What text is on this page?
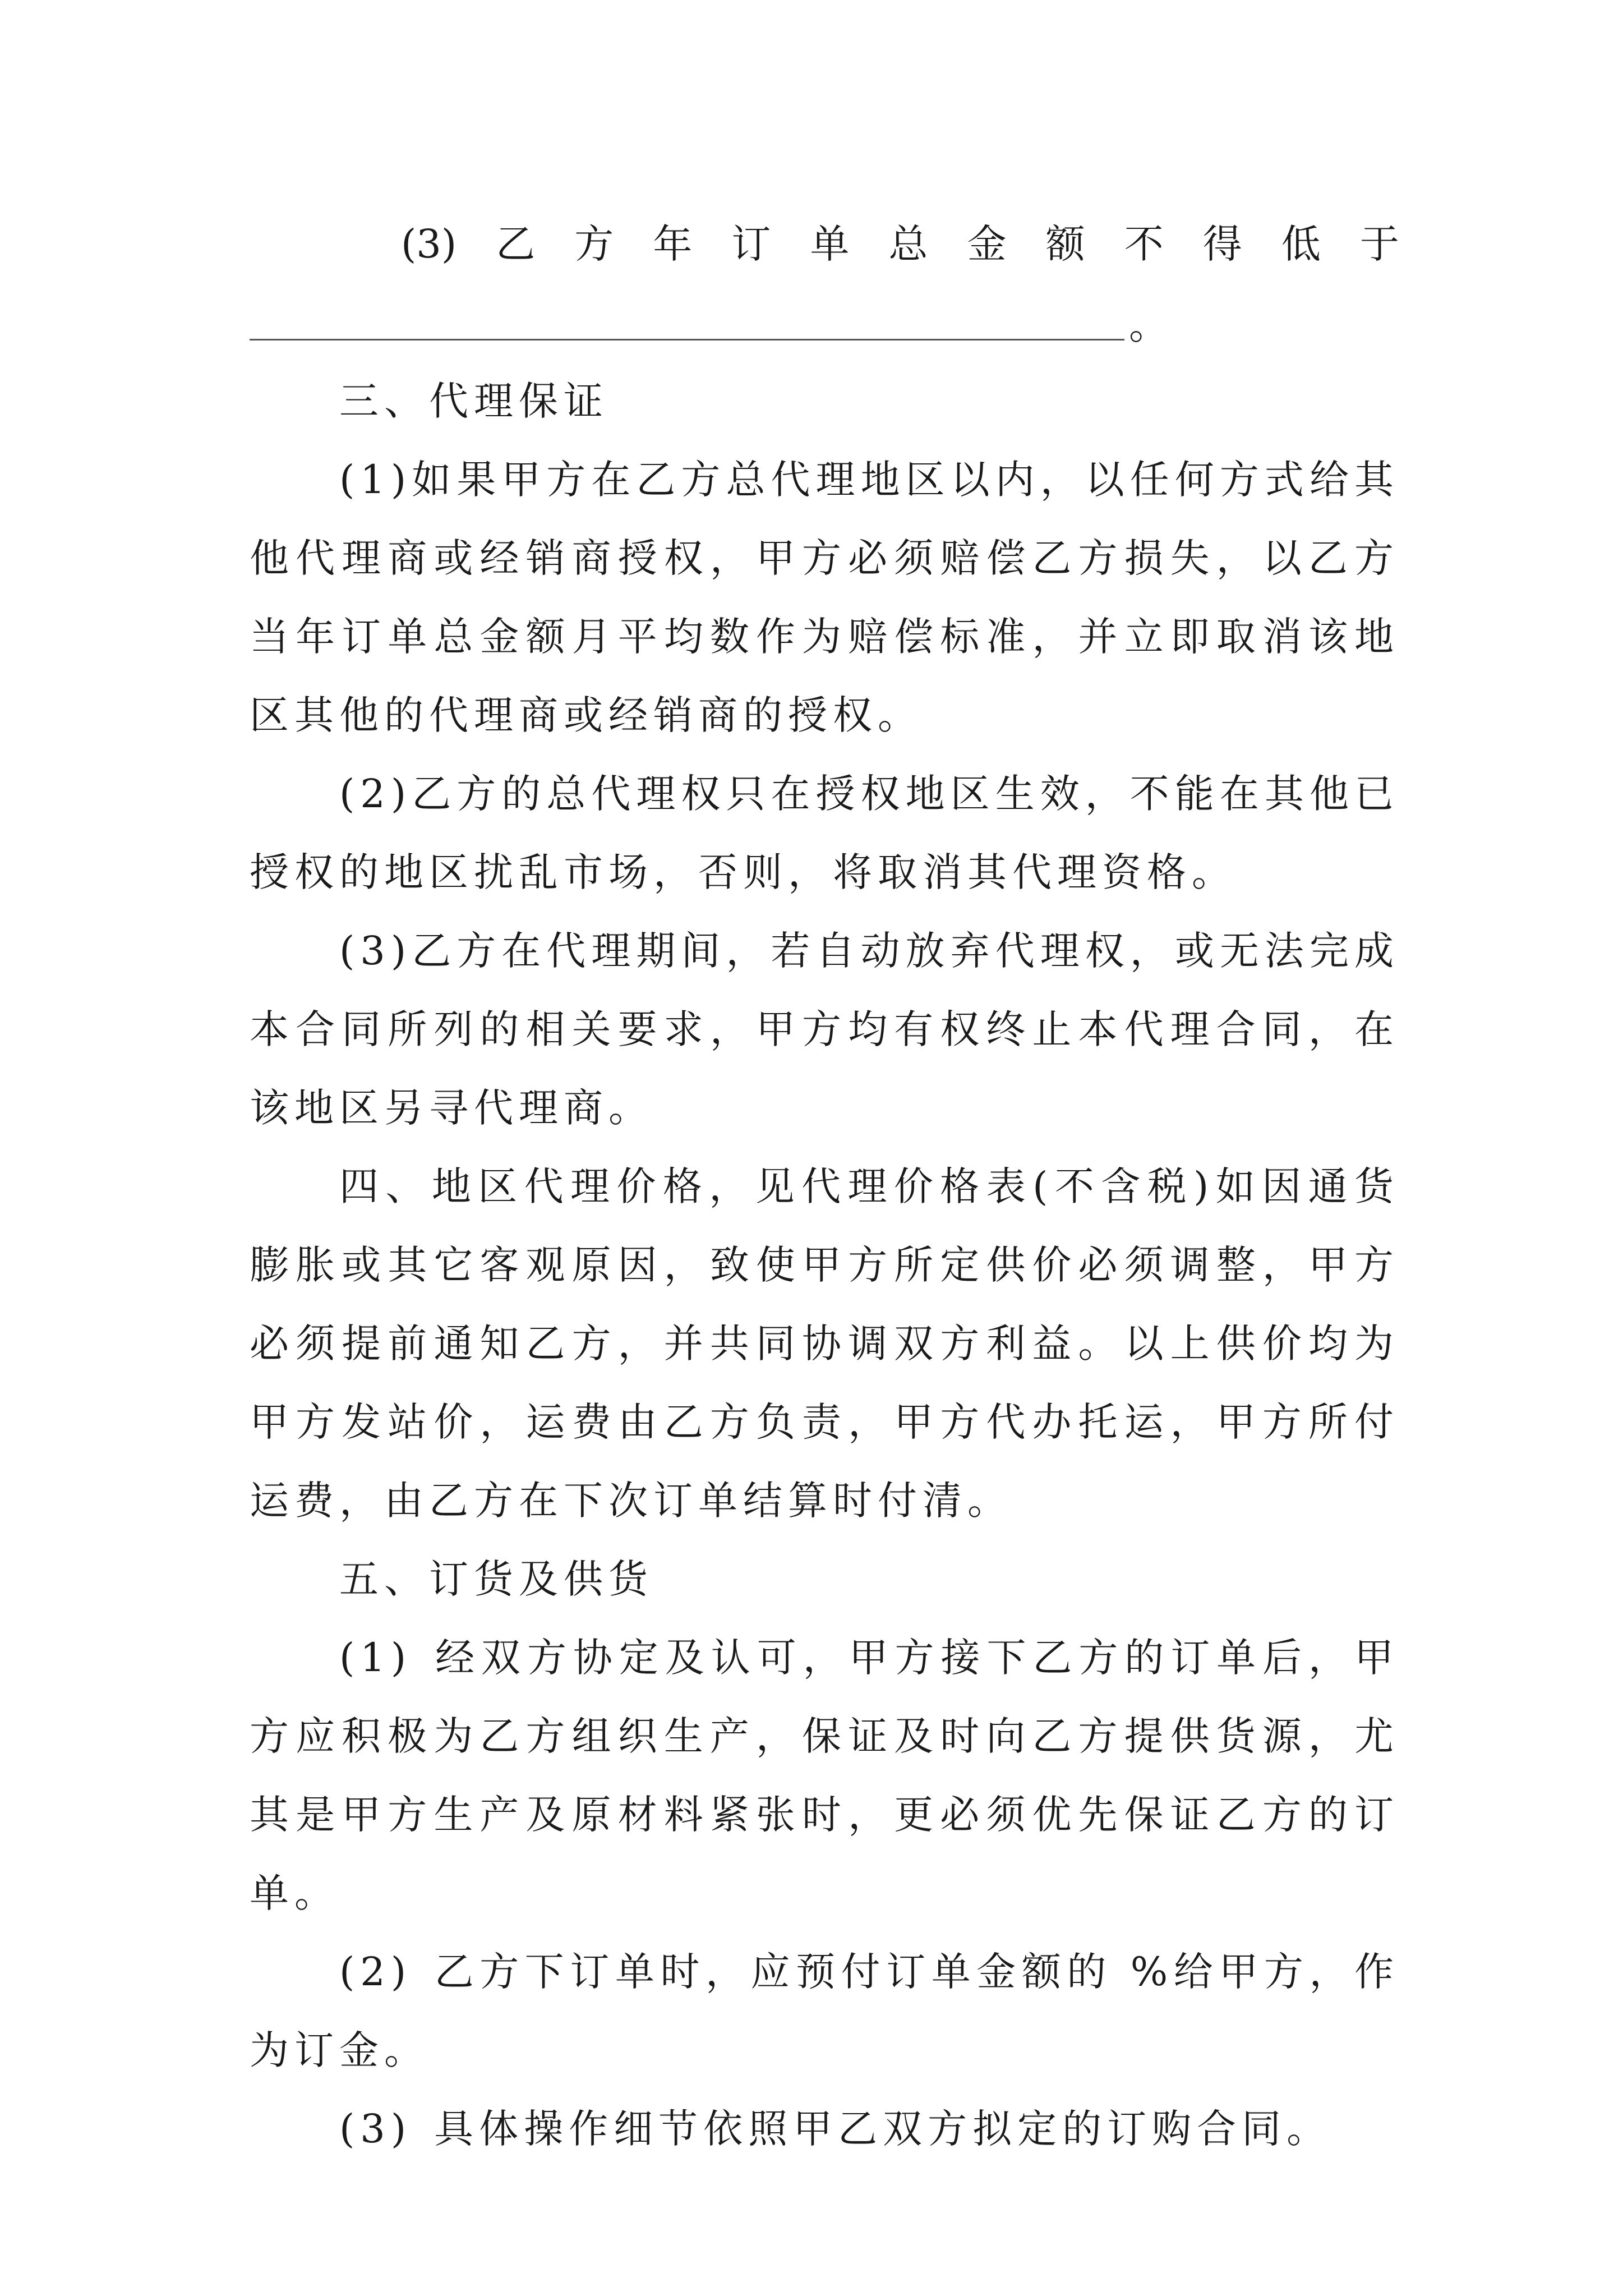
(3) 乙 方 年 订 单 总 金 额 不 得 低 于
。

三、代理保证

(1)如果甲方在乙方总代理地区以内，以任何方式给其他代理商或经销商授权，甲方必须赔偿乙方损失，以乙方当年订单总金额月平均数作为赔偿标准，并立即取消该地区其他的代理商或经销商的授权。

(2)乙方的总代理权只在授权地区生效，不能在其他已授权的地区扰乱市场，否则，将取消其代理资格。

(3)乙方在代理期间，若自动放弃代理权，或无法完成本合同所列的相关要求，甲方均有权终止本代理合同，在该地区另寻代理商。

四、地区代理价格，见代理价格表(不含税)如因通货膨胀或其它客观原因，致使甲方所定供价必须调整，甲方必须提前通知乙方，并共同协调双方利益。以上供价均为甲方发站价，运费由乙方负责，甲方代办托运，甲方所付运费，由乙方在下次订单结算时付清。

五、订货及供货

(1) 经双方协定及认可，甲方接下乙方的订单后，甲方应积极为乙方组织生产，保证及时向乙方提供货源，尤其是甲方生产及原材料紧张时，更必须优先保证乙方的订单。

(2) 乙方下订单时，应预付订单金额的 %给甲方，作为订金。

(3) 具体操作细节依照甲乙双方拟定的订购合同。
